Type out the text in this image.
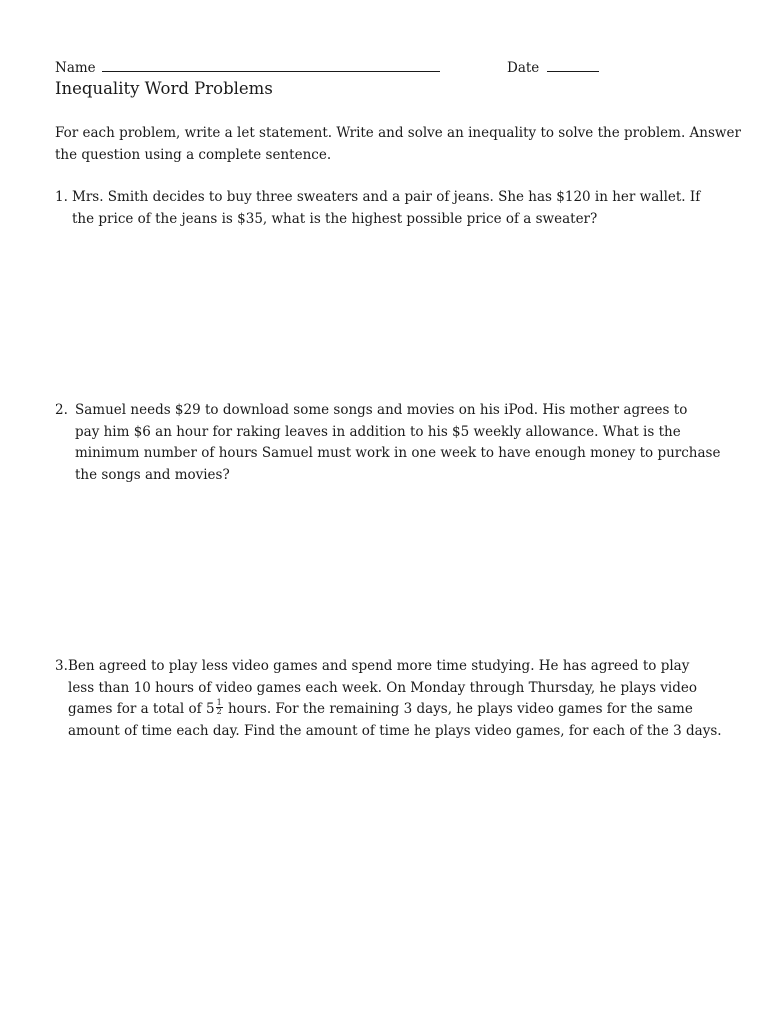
Name	Date
Inequality Word Problems
For each problem, write a let statement. Write and solve an inequality to solve the problem. Answer
the question using a complete sentence.
1. Mrs. Smith decides to buy three sweaters and a pair of jeans. She has $120 in her wallet. If
the price of the jeans is $35, what is the highest possible price of a sweater?
2. Samuel needs $29 to download some songs and movies on his iPod. His mother agrees to
pay him $6 an hour for raking leaves in addition to his $5 weekly allowance. What is the
minimum number of hours Samuel must work in one week to have enough money to purchase
the songs and movies?
3. Ben agreed to play less video games and spend more time studying. He has agreed to play
less than 10 hours of video games each week. On Monday through Thursday, he plays video
games for a total of $5 \frac{1}{2}$ hours. For the remaining 3 days, he plays video games for the same
amount of time each day. Find the amount of time he plays video games, for each of the 3 days.
